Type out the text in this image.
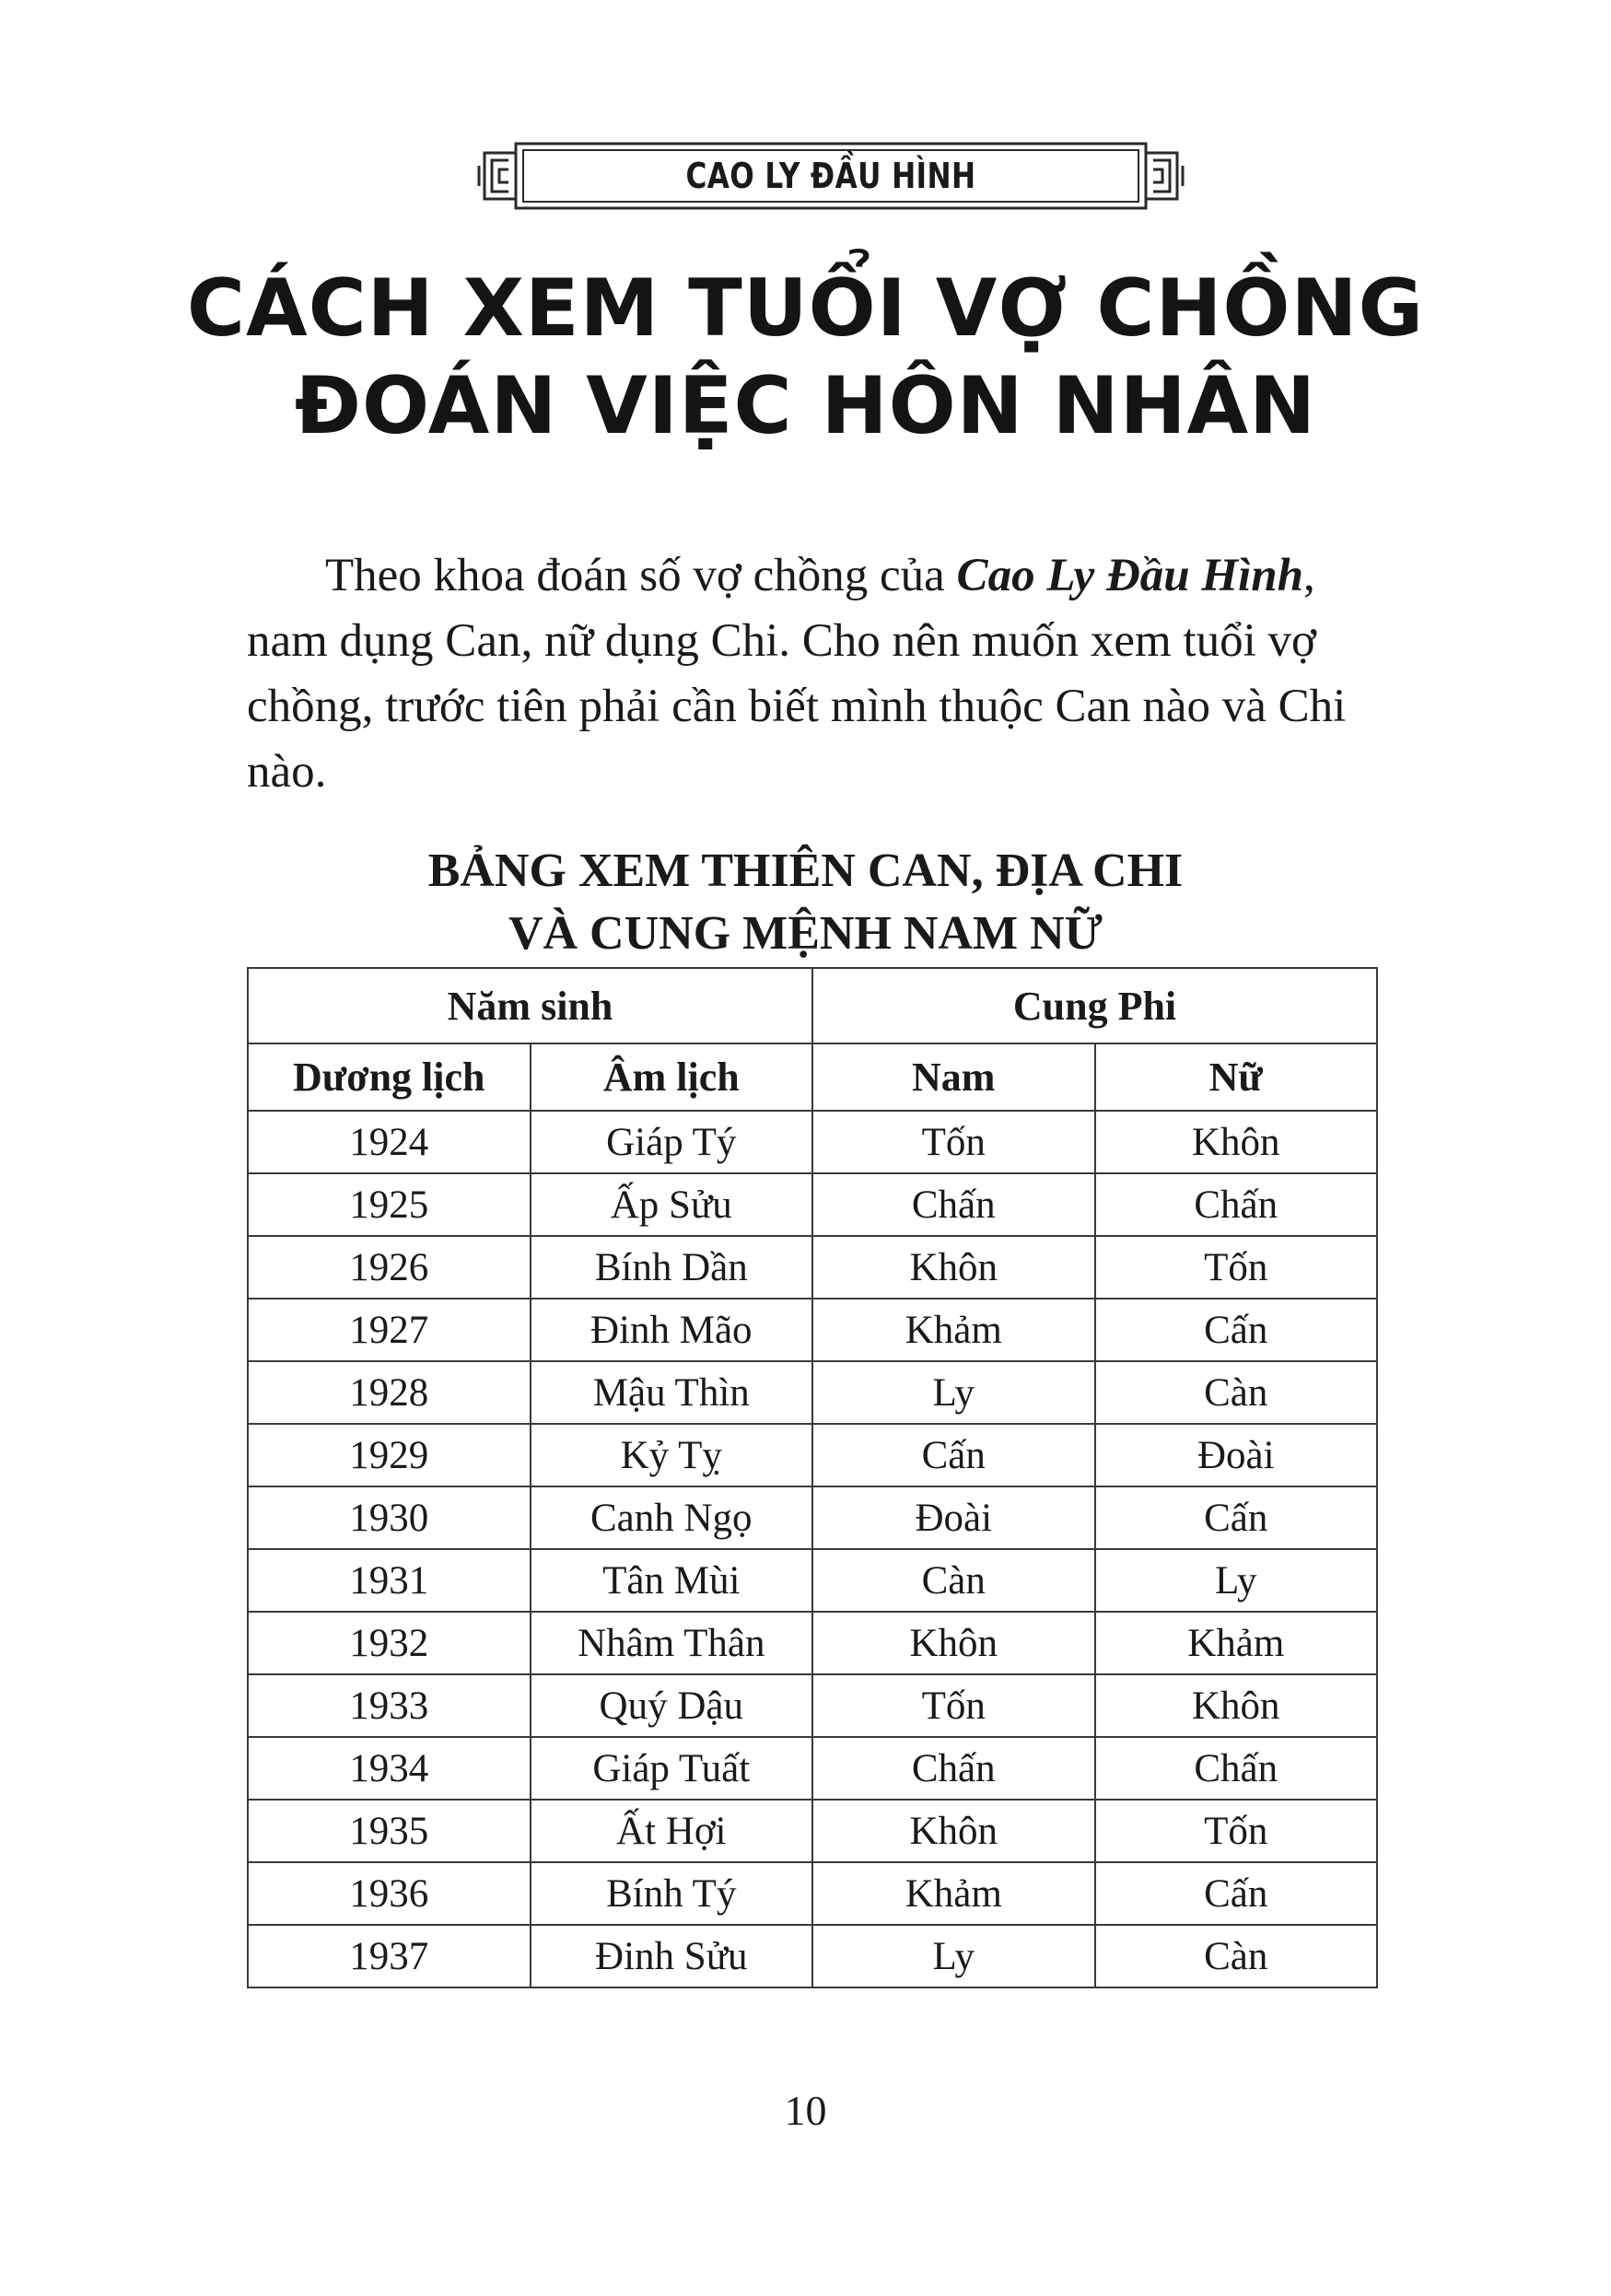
CAO LY ĐẦU HÌNH
CÁCH XEM TUỔI VỢ CHỒNG
ĐOÁN VIỆC HÔN NHÂN

Theo khoa đoán số vợ chồng của Cao Ly Đầu Hình, nam dụng Can, nữ dụng Chi. Cho nên muốn xem tuổi vợ chồng, trước tiên phải cần biết mình thuộc Can nào và Chi nào.

BẢNG XEM THIÊN CAN, ĐỊA CHI
VÀ CUNG MỆNH NAM NỮ
Năm sinh		Cung Phi	
Dương lịch	Âm lịch	Nam	Nữ
1924	Giáp Tý	Tốn	Khôn
1925	Ấp Sửu	Chấn	Chấn
1926	Bính Dần	Khôn	Tốn
1927	Đinh Mão	Khảm	Cấn
1928	Mậu Thìn	Ly	Càn
1929	Kỷ Tỵ	Cấn	Đoài
1930	Canh Ngọ	Đoài	Cấn
1931	Tân Mùi	Càn	Ly
1932	Nhâm Thân	Khôn	Khảm
1933	Quý Dậu	Tốn	Khôn
1934	Giáp Tuất	Chấn	Chấn
1935	Ất Hợi	Khôn	Tốn
1936	Bính Tý	Khảm	Cấn
1937	Đinh Sửu	Ly	Càn
10
